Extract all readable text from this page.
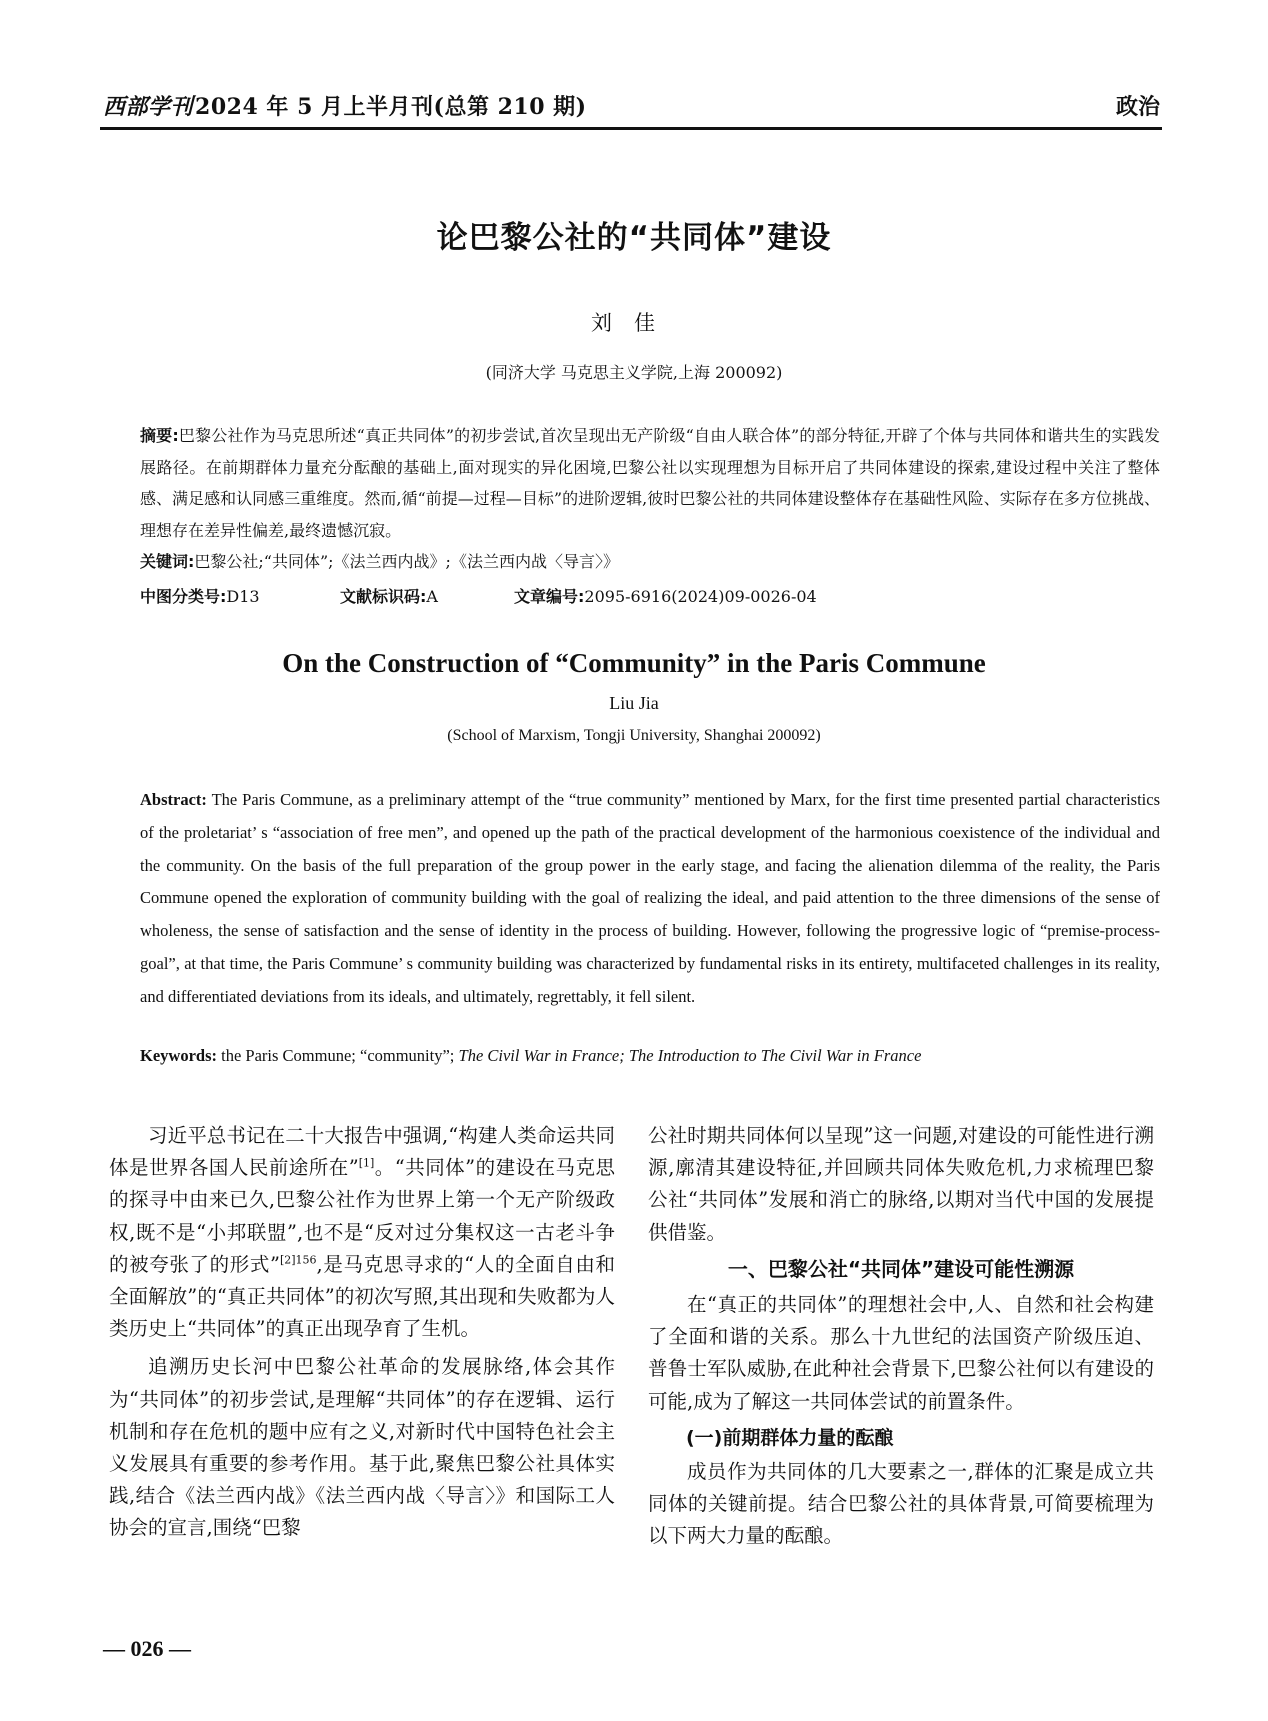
西部学刊2024 年 5 月上半月刊(总第 210 期)	政治
论巴黎公社的“共同体”建设
刘佳
(同济大学 马克思主义学院,上海 200092)
摘要:巴黎公社作为马克思所述“真正共同体”的初步尝试,首次呈现出无产阶级“自由人联合体”的部分特征,开辟了个体与共同体和谐共生的实践发展路径。在前期群体力量充分酝酿的基础上,面对现实的异化困境,巴黎公社以实现理想为目标开启了共同体建设的探索,建设过程中关注了整体感、满足感和认同感三重维度。然而,循“前提—过程—目标”的进阶逻辑,彼时巴黎公社的共同体建设整体存在基础性风险、实际存在多方位挑战、理想存在差异性偏差,最终遗憾沉寂。
关键词:巴黎公社;“共同体”;《法兰西内战》;《法兰西内战〈导言〉》
中图分类号:D13	文献标识码:A	文章编号:2095-6916(2024)09-0026-04
On the Construction of “Community” in the Paris Commune
Liu Jia
(School of Marxism, Tongji University, Shanghai 200092)
Abstract: The Paris Commune, as a preliminary attempt of the “true community” mentioned by Marx, for the first time presented partial characteristics of the proletariat’ s “association of free men”, and opened up the path of the practical development of the harmonious coexistence of the individual and the community. On the basis of the full preparation of the group power in the early stage, and facing the alienation dilemma of the reality, the Paris Commune opened the exploration of community building with the goal of realizing the ideal, and paid attention to the three dimensions of the sense of wholeness, the sense of satisfaction and the sense of identity in the process of building. However, following the progressive logic of “premise-process-goal”, at that time, the Paris Commune’ s community building was characterized by fundamental risks in its entirety, multifaceted challenges in its reality, and differentiated deviations from its ideals, and ultimately, regrettably, it fell silent.
Keywords: the Paris Commune; “community”; The Civil War in France; The Introduction to The Civil War in France

习近平总书记在二十大报告中强调,“构建人类命运共同体是世界各国人民前途所在”[1]。“共同体”的建设在马克思的探寻中由来已久,巴黎公社作为世界上第一个无产阶级政权,既不是“小邦联盟”,也不是“反对过分集权这一古老斗争的被夸张了的形式”$^{[2]156}$,是马克思寻求的“人的全面自由和全面解放”的“真正共同体”的初次写照,其出现和失败都为人类历史上“共同体”的真正出现孕育了生机。

追溯历史长河中巴黎公社革命的发展脉络,体会其作为“共同体”的初步尝试,是理解“共同体”的存在逻辑、运行机制和存在危机的题中应有之义,对新时代中国特色社会主义发展具有重要的参考作用。基于此,聚焦巴黎公社具体实践,结合《法兰西内战》《法兰西内战〈导言〉》和国际工人协会的宣言,围绕“巴黎

公社时期共同体何以呈现”这一问题,对建设的可能性进行溯源,廓清其建设特征,并回顾共同体失败危机,力求梳理巴黎公社“共同体”发展和消亡的脉络,以期对当代中国的发展提供借鉴。

一、巴黎公社“共同体”建设可能性溯源

在“真正的共同体”的理想社会中,人、自然和社会构建了全面和谐的关系。那么十九世纪的法国资产阶级压迫、普鲁士军队威胁,在此种社会背景下,巴黎公社何以有建设的可能,成为了解这一共同体尝试的前置条件。

(一)前期群体力量的酝酿

成员作为共同体的几大要素之一,群体的汇聚是成立共同体的关键前提。结合巴黎公社的具体背景,可简要梳理为以下两大力量的酝酿。

— 026 —
